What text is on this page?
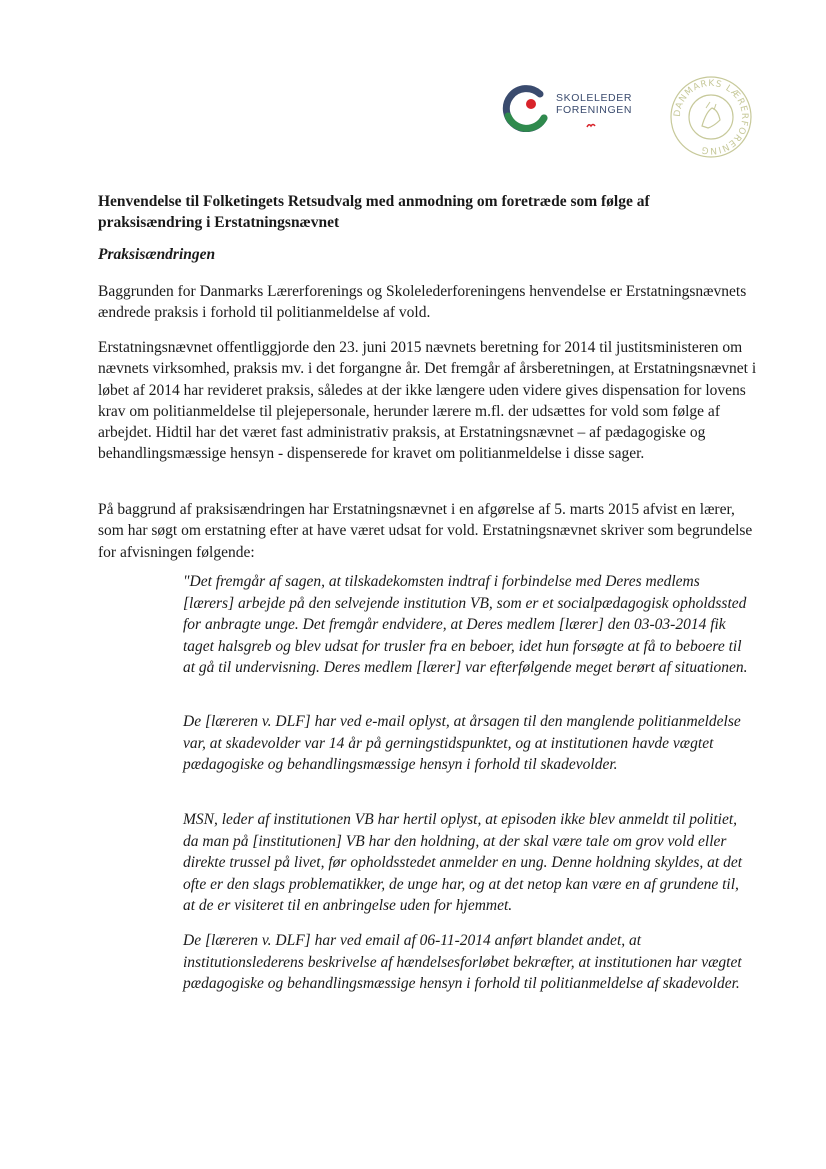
SKOLELEDER
FORENINGEN	DANMARKS LÆRERFORENING
Henvendelse til Folketingets Retsudvalg med anmodning om foretræde som følge af praksisændring i Erstatningsnævnet
Praksisændringen
Baggrunden for Danmarks Lærerforenings og Skolelederforeningens henvendelse er Erstatningsnævnets ændrede praksis i forhold til politianmeldelse af vold.
Erstatningsnævnet offentliggjorde den 23. juni 2015 nævnets beretning for 2014 til justitsministeren om nævnets virksomhed, praksis mv. i det forgangne år. Det fremgår af årsberetningen, at Erstatningsnævnet i løbet af 2014 har revideret praksis, således at der ikke længere uden videre gives dispensation for lovens krav om politianmeldelse til plejepersonale, herunder lærere m.fl. der udsættes for vold som følge af arbejdet. Hidtil har det været fast administrativ praksis, at Erstatningsnævnet – af pædagogiske og behandlingsmæssige hensyn - dispenserede for kravet om politianmeldelse i disse sager.
På baggrund af praksisændringen har Erstatningsnævnet i en afgørelse af 5. marts 2015 afvist en lærer, som har søgt om erstatning efter at have været udsat for vold. Erstatningsnævnet skriver som begrundelse for afvisningen følgende:
"Det fremgår af sagen, at tilskadekomsten indtraf i forbindelse med Deres medlems [lærers] arbejde på den selvejende institution VB, som er et socialpædagogisk opholdssted for anbragte unge. Det fremgår endvidere, at Deres medlem [lærer] den 03-03-2014 fik taget halsgreb og blev udsat for trusler fra en beboer, idet hun forsøgte at få to beboere til at gå til undervisning. Deres medlem [lærer] var efterfølgende meget berørt af situationen.
De [læreren v. DLF] har ved e-mail oplyst, at årsagen til den manglende politianmeldelse var, at skadevolder var 14 år på gerningstidspunktet, og at institutionen havde vægtet pædagogiske og behandlingsmæssige hensyn i forhold til skadevolder.
MSN, leder af institutionen VB har hertil oplyst, at episoden ikke blev anmeldt til politiet, da man på [institutionen] VB har den holdning, at der skal være tale om grov vold eller direkte trussel på livet, før opholdsstedet anmelder en ung. Denne holdning skyldes, at det ofte er den slags problematikker, de unge har, og at det netop kan være en af grundene til, at de er visiteret til en anbringelse uden for hjemmet.
De [læreren v. DLF] har ved email af 06-11-2014 anført blandet andet, at institutionslederens beskrivelse af hændelsesforløbet bekræfter, at institutionen har vægtet pædagogiske og behandlingsmæssige hensyn i forhold til politianmeldelse af skadevolder.
